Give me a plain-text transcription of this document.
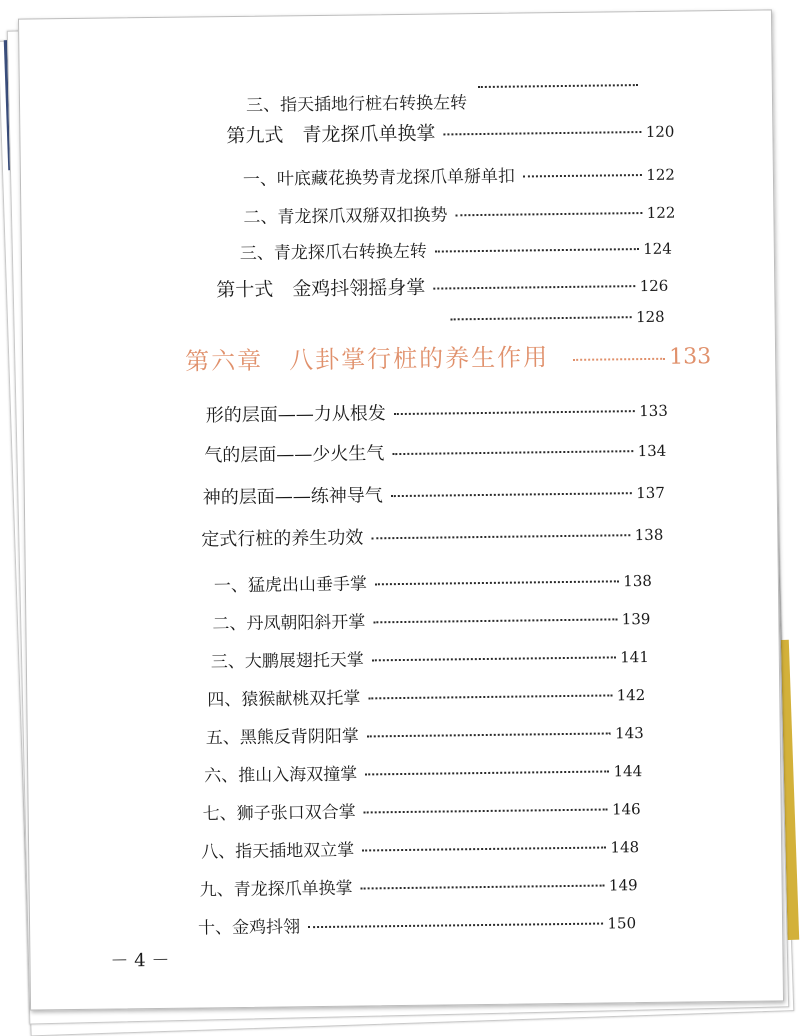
三、指天插地行桩右转换左转
第九式　青龙探爪单换掌	120
一、叶底藏花换势青龙探爪单掰单扣	122
二、青龙探爪双掰双扣换势	122
三、青龙探爪右转换左转	124
第十式　金鸡抖翎摇身掌	126
128
第六章　八卦掌行桩的养生作用	133
形的层面——力从根发	133
气的层面——少火生气	134
神的层面——练神导气	137
定式行桩的养生功效	138
一、猛虎出山垂手掌	138
二、丹凤朝阳斜开掌	139
三、大鹏展翅托天掌	141
四、猿猴献桃双托掌	142
五、黑熊反背阴阳掌	143
六、推山入海双撞掌	144
七、狮子张口双合掌	146
八、指天插地双立掌	148
九、青龙探爪单换掌	149
十、金鸡抖翎	150
－ 4 －
